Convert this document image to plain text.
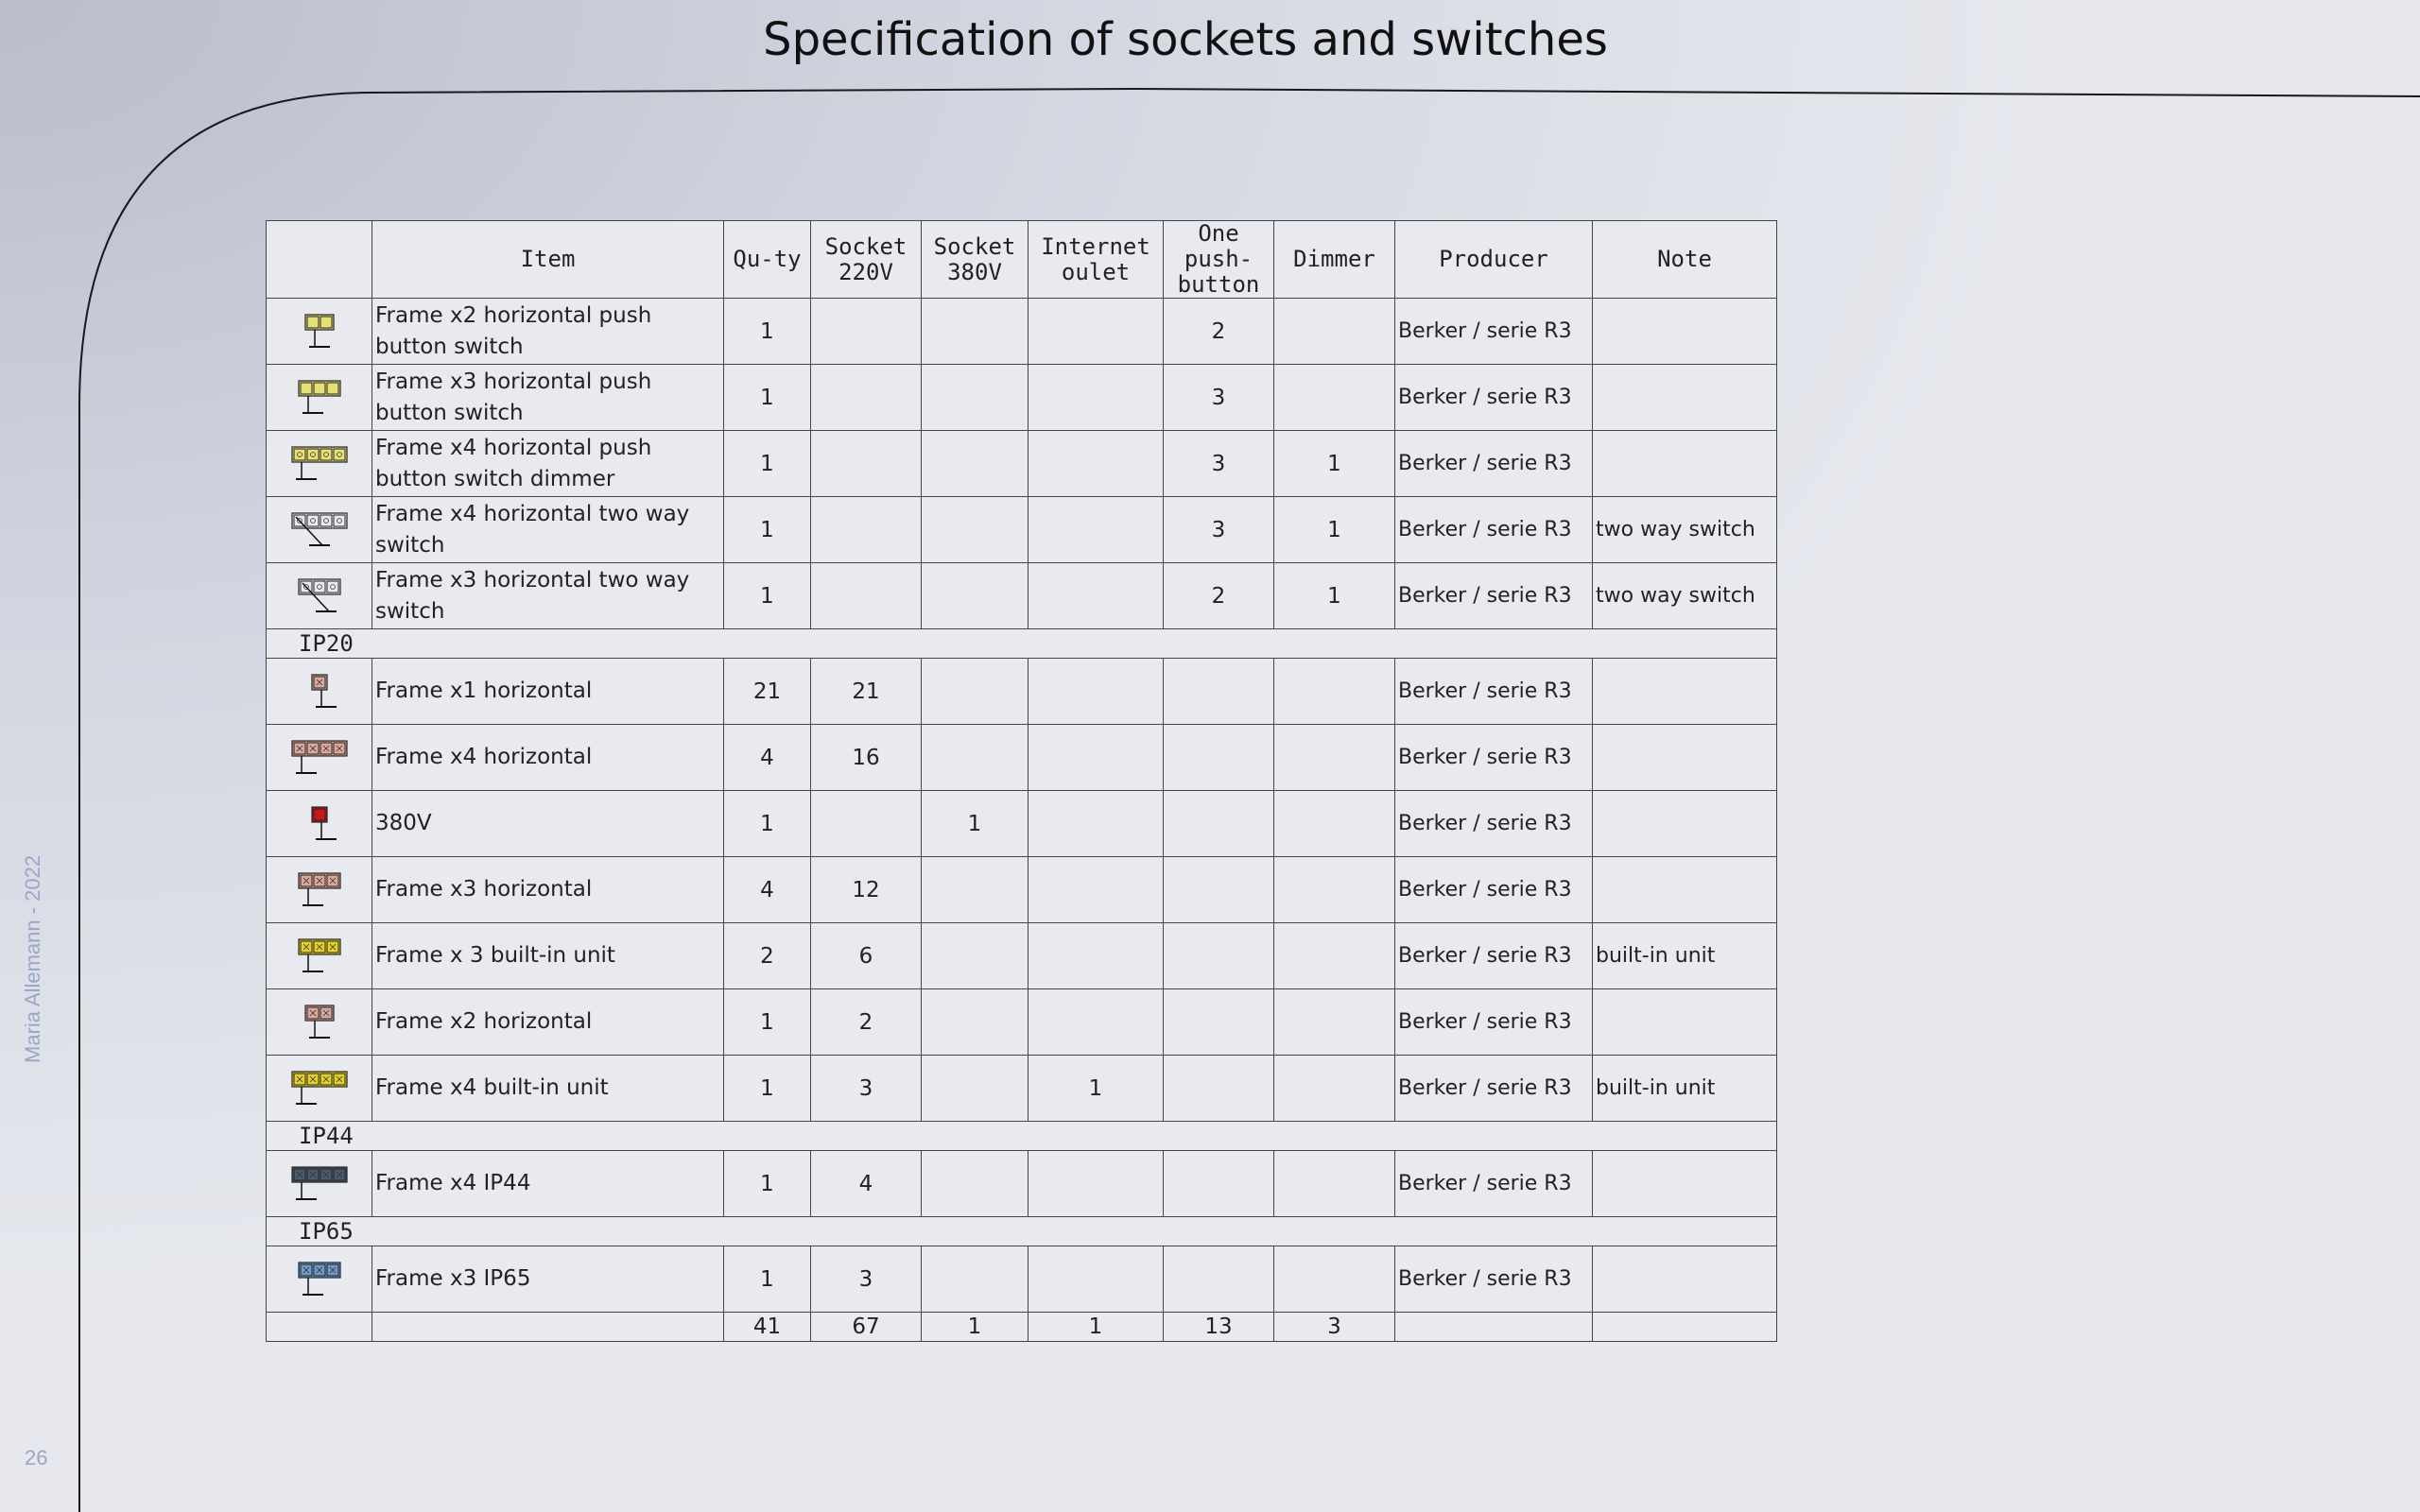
Specification of sockets and switches
Maria Allemann - 2022
26
	Item	Qu-ty	Socket 220V	Socket 380V	Internet oulet	One push-button	Dimmer	Producer	Note

	Frame x2 horizontal push button switch	1				2		Berker / serie R3	

	Frame x3 horizontal push button switch	1				3		Berker / serie R3	

	Frame x4 horizontal push button switch dimmer	1				3	1	Berker / serie R3	

	Frame x4 horizontal two way switch	1				3	1	Berker / serie R3	two way switch

	Frame x3 horizontal two way switch	1				2	1	Berker / serie R3	two way switch
IP20									

	Frame x1 horizontal	21	21					Berker / serie R3	

	Frame x4 horizontal	4	16					Berker / serie R3	

	380V	1		1				Berker / serie R3	

	Frame x3 horizontal	4	12					Berker / serie R3	

	Frame x 3 built-in unit	2	6					Berker / serie R3	built-in unit

	Frame x2 horizontal	1	2					Berker / serie R3	

	Frame x4 built-in unit	1	3		1			Berker / serie R3	built-in unit
IP44									

	Frame x4 IP44	1	4					Berker / serie R3	
IP65									

	Frame x3 IP65	1	3					Berker / serie R3	
		41	67	1	1	13	3		
